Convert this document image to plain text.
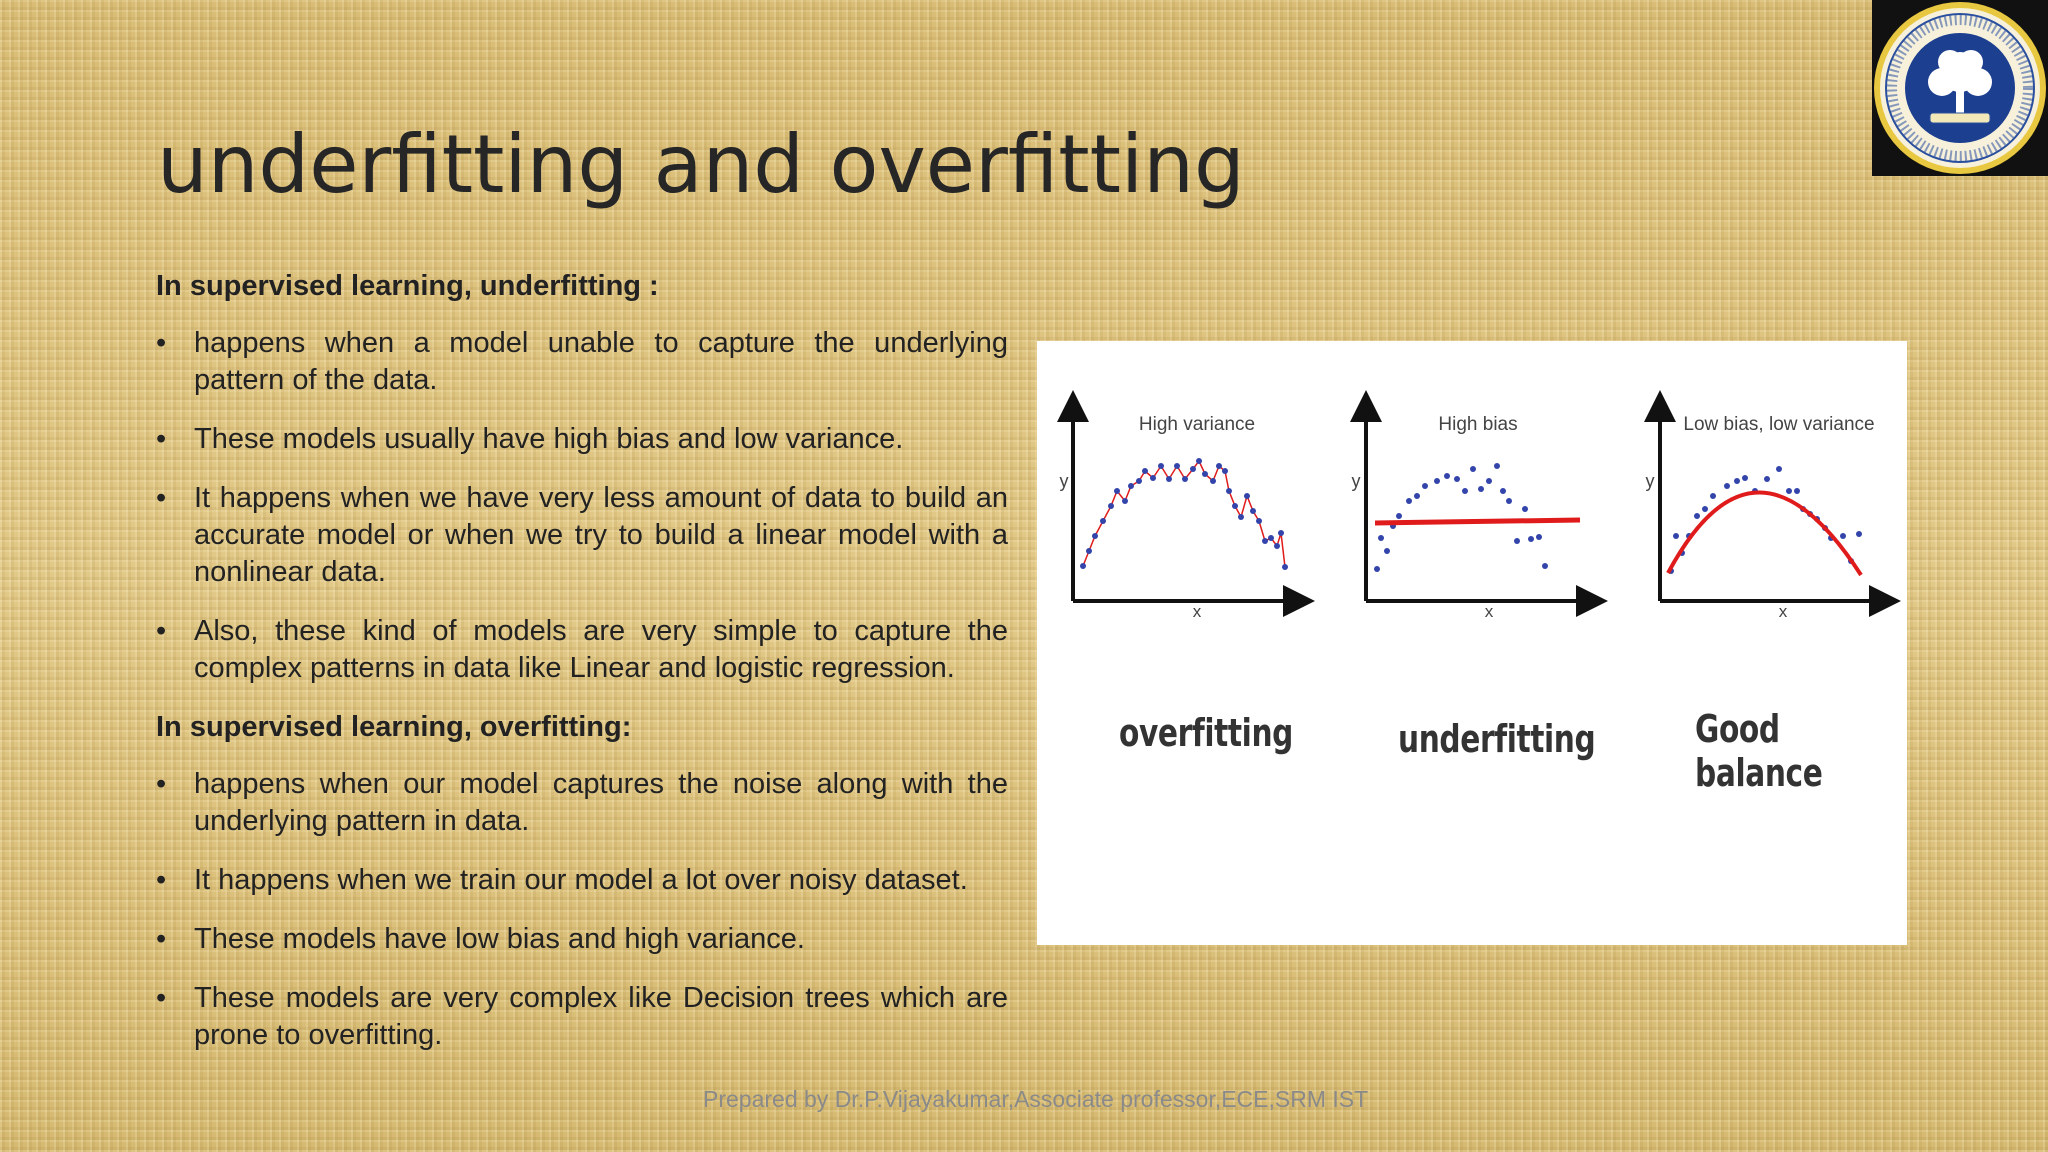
underfitting and overfitting

In supervised learning, underfitting :

• happens when a model unable to capture the underlying pattern of the data.
• These models usually have high bias and low variance.
• It happens when we have very less amount of data to build an accurate model or when we try to build a linear model with a nonlinear data.
• Also, these kind of models are very simple to capture the complex patterns in data like Linear and logistic regression.

In supervised learning, overfitting:

• happens when our model captures the noise along with the underlying pattern in data.
• It happens when we train our model a lot over noisy dataset.
• These models have low bias and high variance.
• These models are very complex like Decision trees which are prone to overfitting.
High variance
y
x
High bias
y
x
Low bias, low variance
y
x
overfitting	underfitting	Good balance
Prepared by Dr.P.Vijayakumar,Associate professor,ECE,SRM IST
